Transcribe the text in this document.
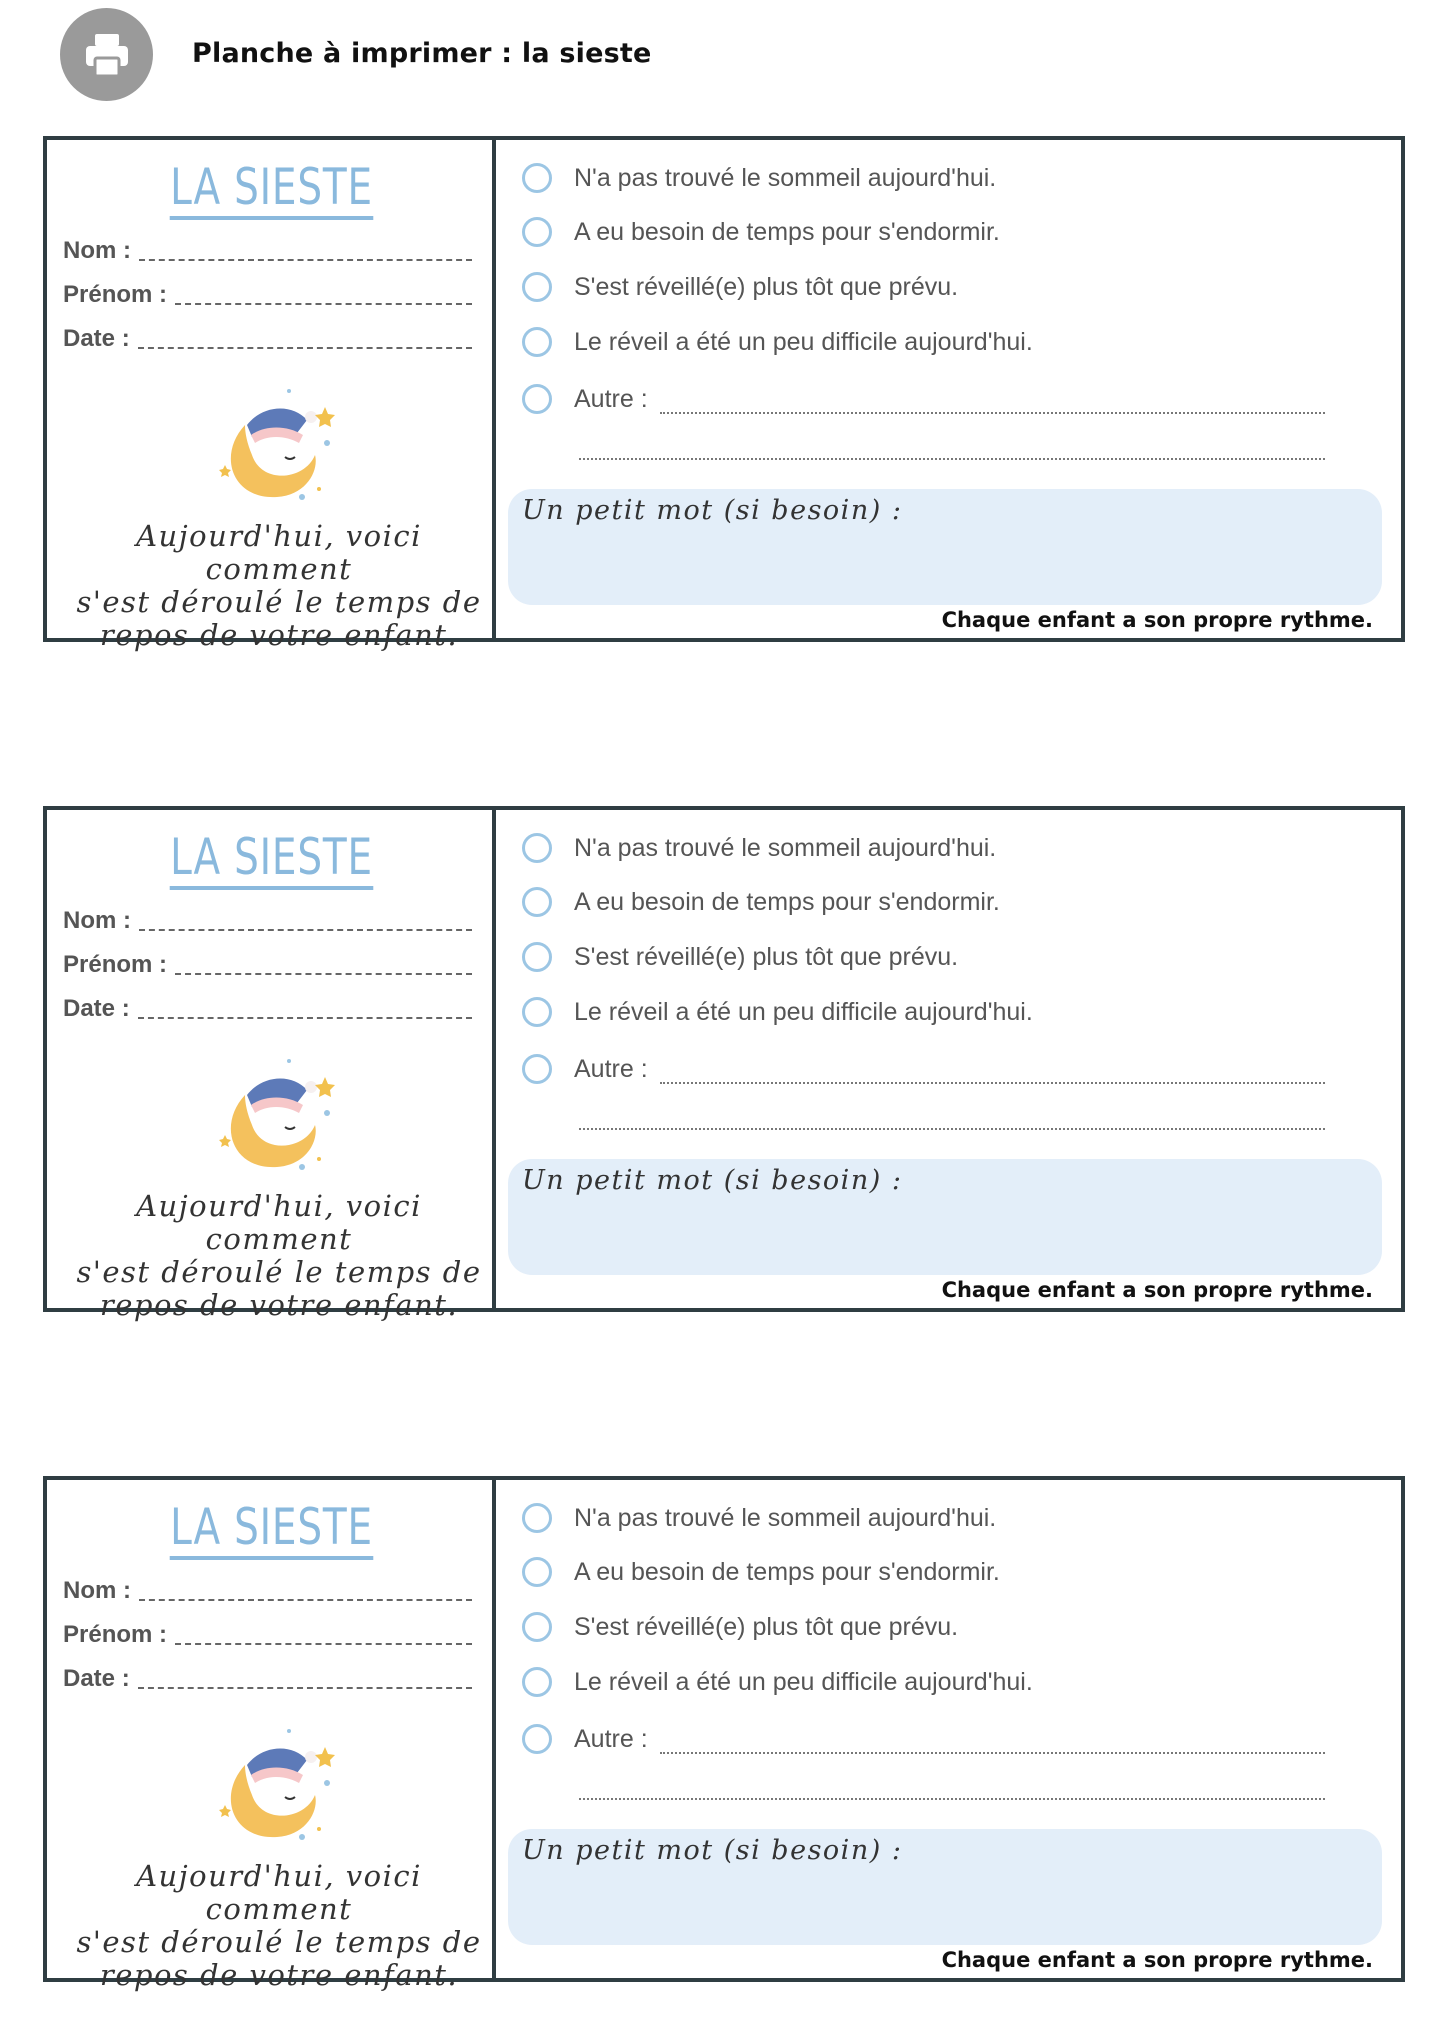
Planche à imprimer : la sieste
LA SIESTE
Nom :
Prénom :
Date :
Aujourd'hui, voici comment
s'est déroulé le temps de
repos de votre enfant.
N'a pas trouvé le sommeil aujourd'hui.
A eu besoin de temps pour s'endormir.
S'est réveillé(e) plus tôt que prévu.
Le réveil a été un peu difficile aujourd'hui.
Autre :
Un petit mot (si besoin) :
Chaque enfant a son propre rythme.
LA SIESTE
Nom :
Prénom :
Date :
Aujourd'hui, voici comment
s'est déroulé le temps de
repos de votre enfant.
N'a pas trouvé le sommeil aujourd'hui.
A eu besoin de temps pour s'endormir.
S'est réveillé(e) plus tôt que prévu.
Le réveil a été un peu difficile aujourd'hui.
Autre :
Un petit mot (si besoin) :
Chaque enfant a son propre rythme.
LA SIESTE
Nom :
Prénom :
Date :
Aujourd'hui, voici comment
s'est déroulé le temps de
repos de votre enfant.
N'a pas trouvé le sommeil aujourd'hui.
A eu besoin de temps pour s'endormir.
S'est réveillé(e) plus tôt que prévu.
Le réveil a été un peu difficile aujourd'hui.
Autre :
Un petit mot (si besoin) :
Chaque enfant a son propre rythme.
